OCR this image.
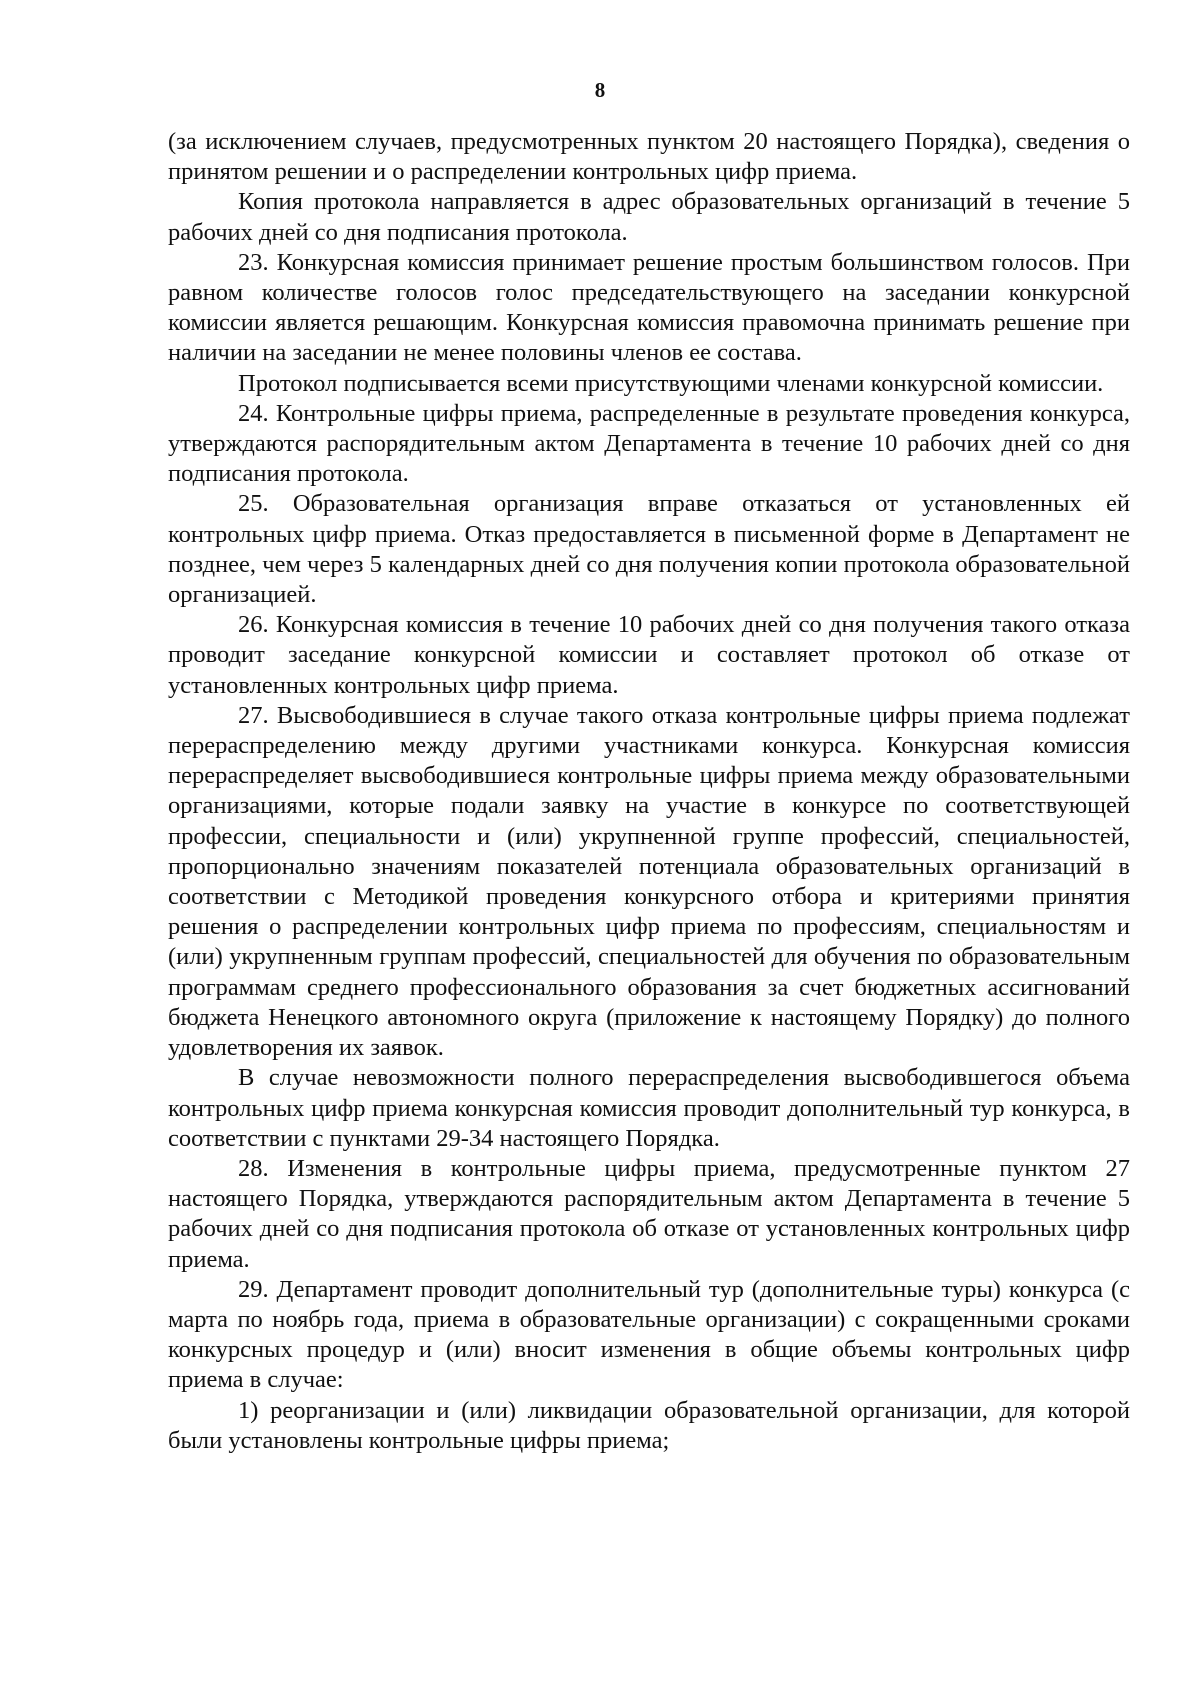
8

(за исключением случаев, предусмотренных пунктом 20 настоящего Порядка), сведения о принятом решении и о распределении контрольных цифр приема.

Копия протокола направляется в адрес образовательных организаций в течение 5 рабочих дней со дня подписания протокола.

23. Конкурсная комиссия принимает решение простым большинством голосов. При равном количестве голосов голос председательствующего на заседании конкурсной комиссии является решающим. Конкурсная комиссия правомочна принимать решение при наличии на заседании не менее половины членов ее состава.

Протокол подписывается всеми присутствующими членами конкурсной комиссии.

24. Контрольные цифры приема, распределенные в результате проведения конкурса, утверждаются распорядительным актом Департамента в течение 10 рабочих дней со дня подписания протокола.

25. Образовательная организация вправе отказаться от установленных ей контрольных цифр приема. Отказ предоставляется в письменной форме в Департамент не позднее, чем через 5 календарных дней со дня получения копии протокола образовательной организацией.

26. Конкурсная комиссия в течение 10 рабочих дней со дня получения такого отказа проводит заседание конкурсной комиссии и составляет протокол об отказе от установленных контрольных цифр приема.

27. Высвободившиеся в случае такого отказа контрольные цифры приема подлежат перераспределению между другими участниками конкурса. Конкурсная комиссия перераспределяет высвободившиеся контрольные цифры приема между образовательными организациями, которые подали заявку на участие в конкурсе по соответствующей профессии, специальности и (или) укрупненной группе профессий, специальностей, пропорционально значениям показателей потенциала образовательных организаций в соответствии с Методикой проведения конкурсного отбора и критериями принятия решения о распределении контрольных цифр приема по профессиям, специальностям и (или) укрупненным группам профессий, специальностей для обучения по образовательным программам среднего профессионального образования за счет бюджетных ассигнований бюджета Ненецкого автономного округа (приложение к настоящему Порядку) до полного удовлетворения их заявок.

В случае невозможности полного перераспределения высвободившегося объема контрольных цифр приема конкурсная комиссия проводит дополнительный тур конкурса, в соответствии с пунктами 29-34 настоящего Порядка.

28. Изменения в контрольные цифры приема, предусмотренные пунктом 27 настоящего Порядка, утверждаются распорядительным актом Департамента в течение 5 рабочих дней со дня подписания протокола об отказе от установленных контрольных цифр приема.

29. Департамент проводит дополнительный тур (дополнительные туры) конкурса (с марта по ноябрь года, приема в образовательные организации) с сокращенными сроками конкурсных процедур и (или) вносит изменения в общие объемы контрольных цифр приема в случае:

1) реорганизации и (или) ликвидации образовательной организации, для которой были установлены контрольные цифры приема;
